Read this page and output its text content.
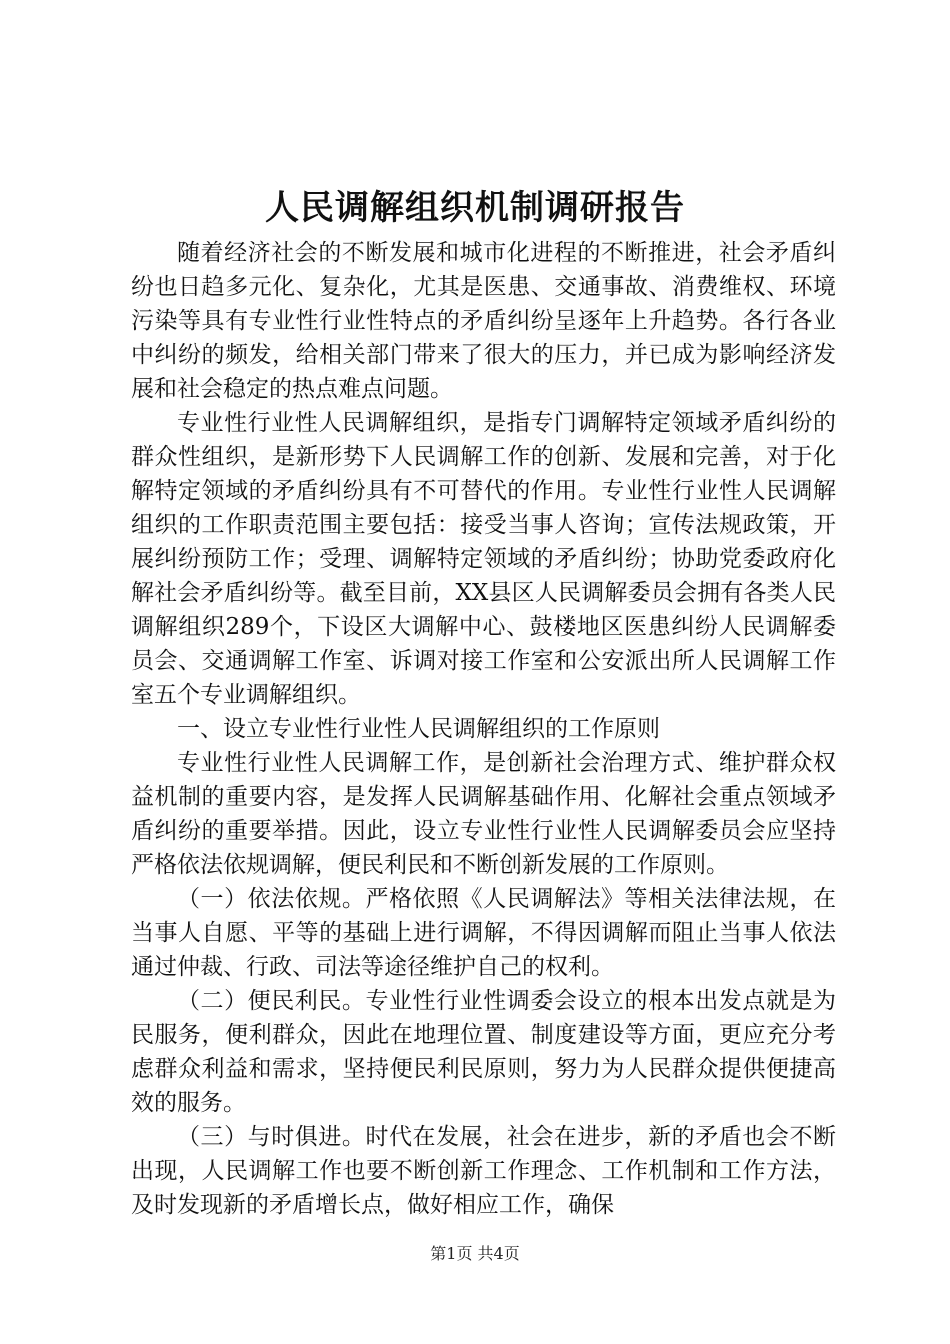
人民调解组织机制调研报告

随着经济社会的不断发展和城市化进程的不断推进，社会矛盾纠纷也日趋多元化、复杂化，尤其是医患、交通事故、消费维权、环境污染等具有专业性行业性特点的矛盾纠纷呈逐年上升趋势。各行各业中纠纷的频发，给相关部门带来了很大的压力，并已成为影响经济发展和社会稳定的热点难点问题。

专业性行业性人民调解组织，是指专门调解特定领域矛盾纠纷的群众性组织，是新形势下人民调解工作的创新、发展和完善，对于化解特定领域的矛盾纠纷具有不可替代的作用。专业性行业性人民调解组织的工作职责范围主要包括：接受当事人咨询；宣传法规政策，开展纠纷预防工作；受理、调解特定领域的矛盾纠纷；协助党委政府化解社会矛盾纠纷等。截至目前，XX县区人民调解委员会拥有各类人民调解组织289个，下设区大调解中心、鼓楼地区医患纠纷人民调解委员会、交通调解工作室、诉调对接工作室和公安派出所人民调解工作室五个专业调解组织。

一、设立专业性行业性人民调解组织的工作原则

专业性行业性人民调解工作，是创新社会治理方式、维护群众权益机制的重要内容，是发挥人民调解基础作用、化解社会重点领域矛盾纠纷的重要举措。因此，设立专业性行业性人民调解委员会应坚持严格依法依规调解，便民利民和不断创新发展的工作原则。

（一）依法依规。严格依照《人民调解法》等相关法律法规，在当事人自愿、平等的基础上进行调解，不得因调解而阻止当事人依法通过仲裁、行政、司法等途径维护自己的权利。

（二）便民利民。专业性行业性调委会设立的根本出发点就是为民服务，便利群众，因此在地理位置、制度建设等方面，更应充分考虑群众利益和需求，坚持便民利民原则，努力为人民群众提供便捷高效的服务。

（三）与时俱进。时代在发展，社会在进步，新的矛盾也会不断出现，人民调解工作也要不断创新工作理念、工作机制和工作方法，及时发现新的矛盾增长点，做好相应工作，确保

第1页 共4页
